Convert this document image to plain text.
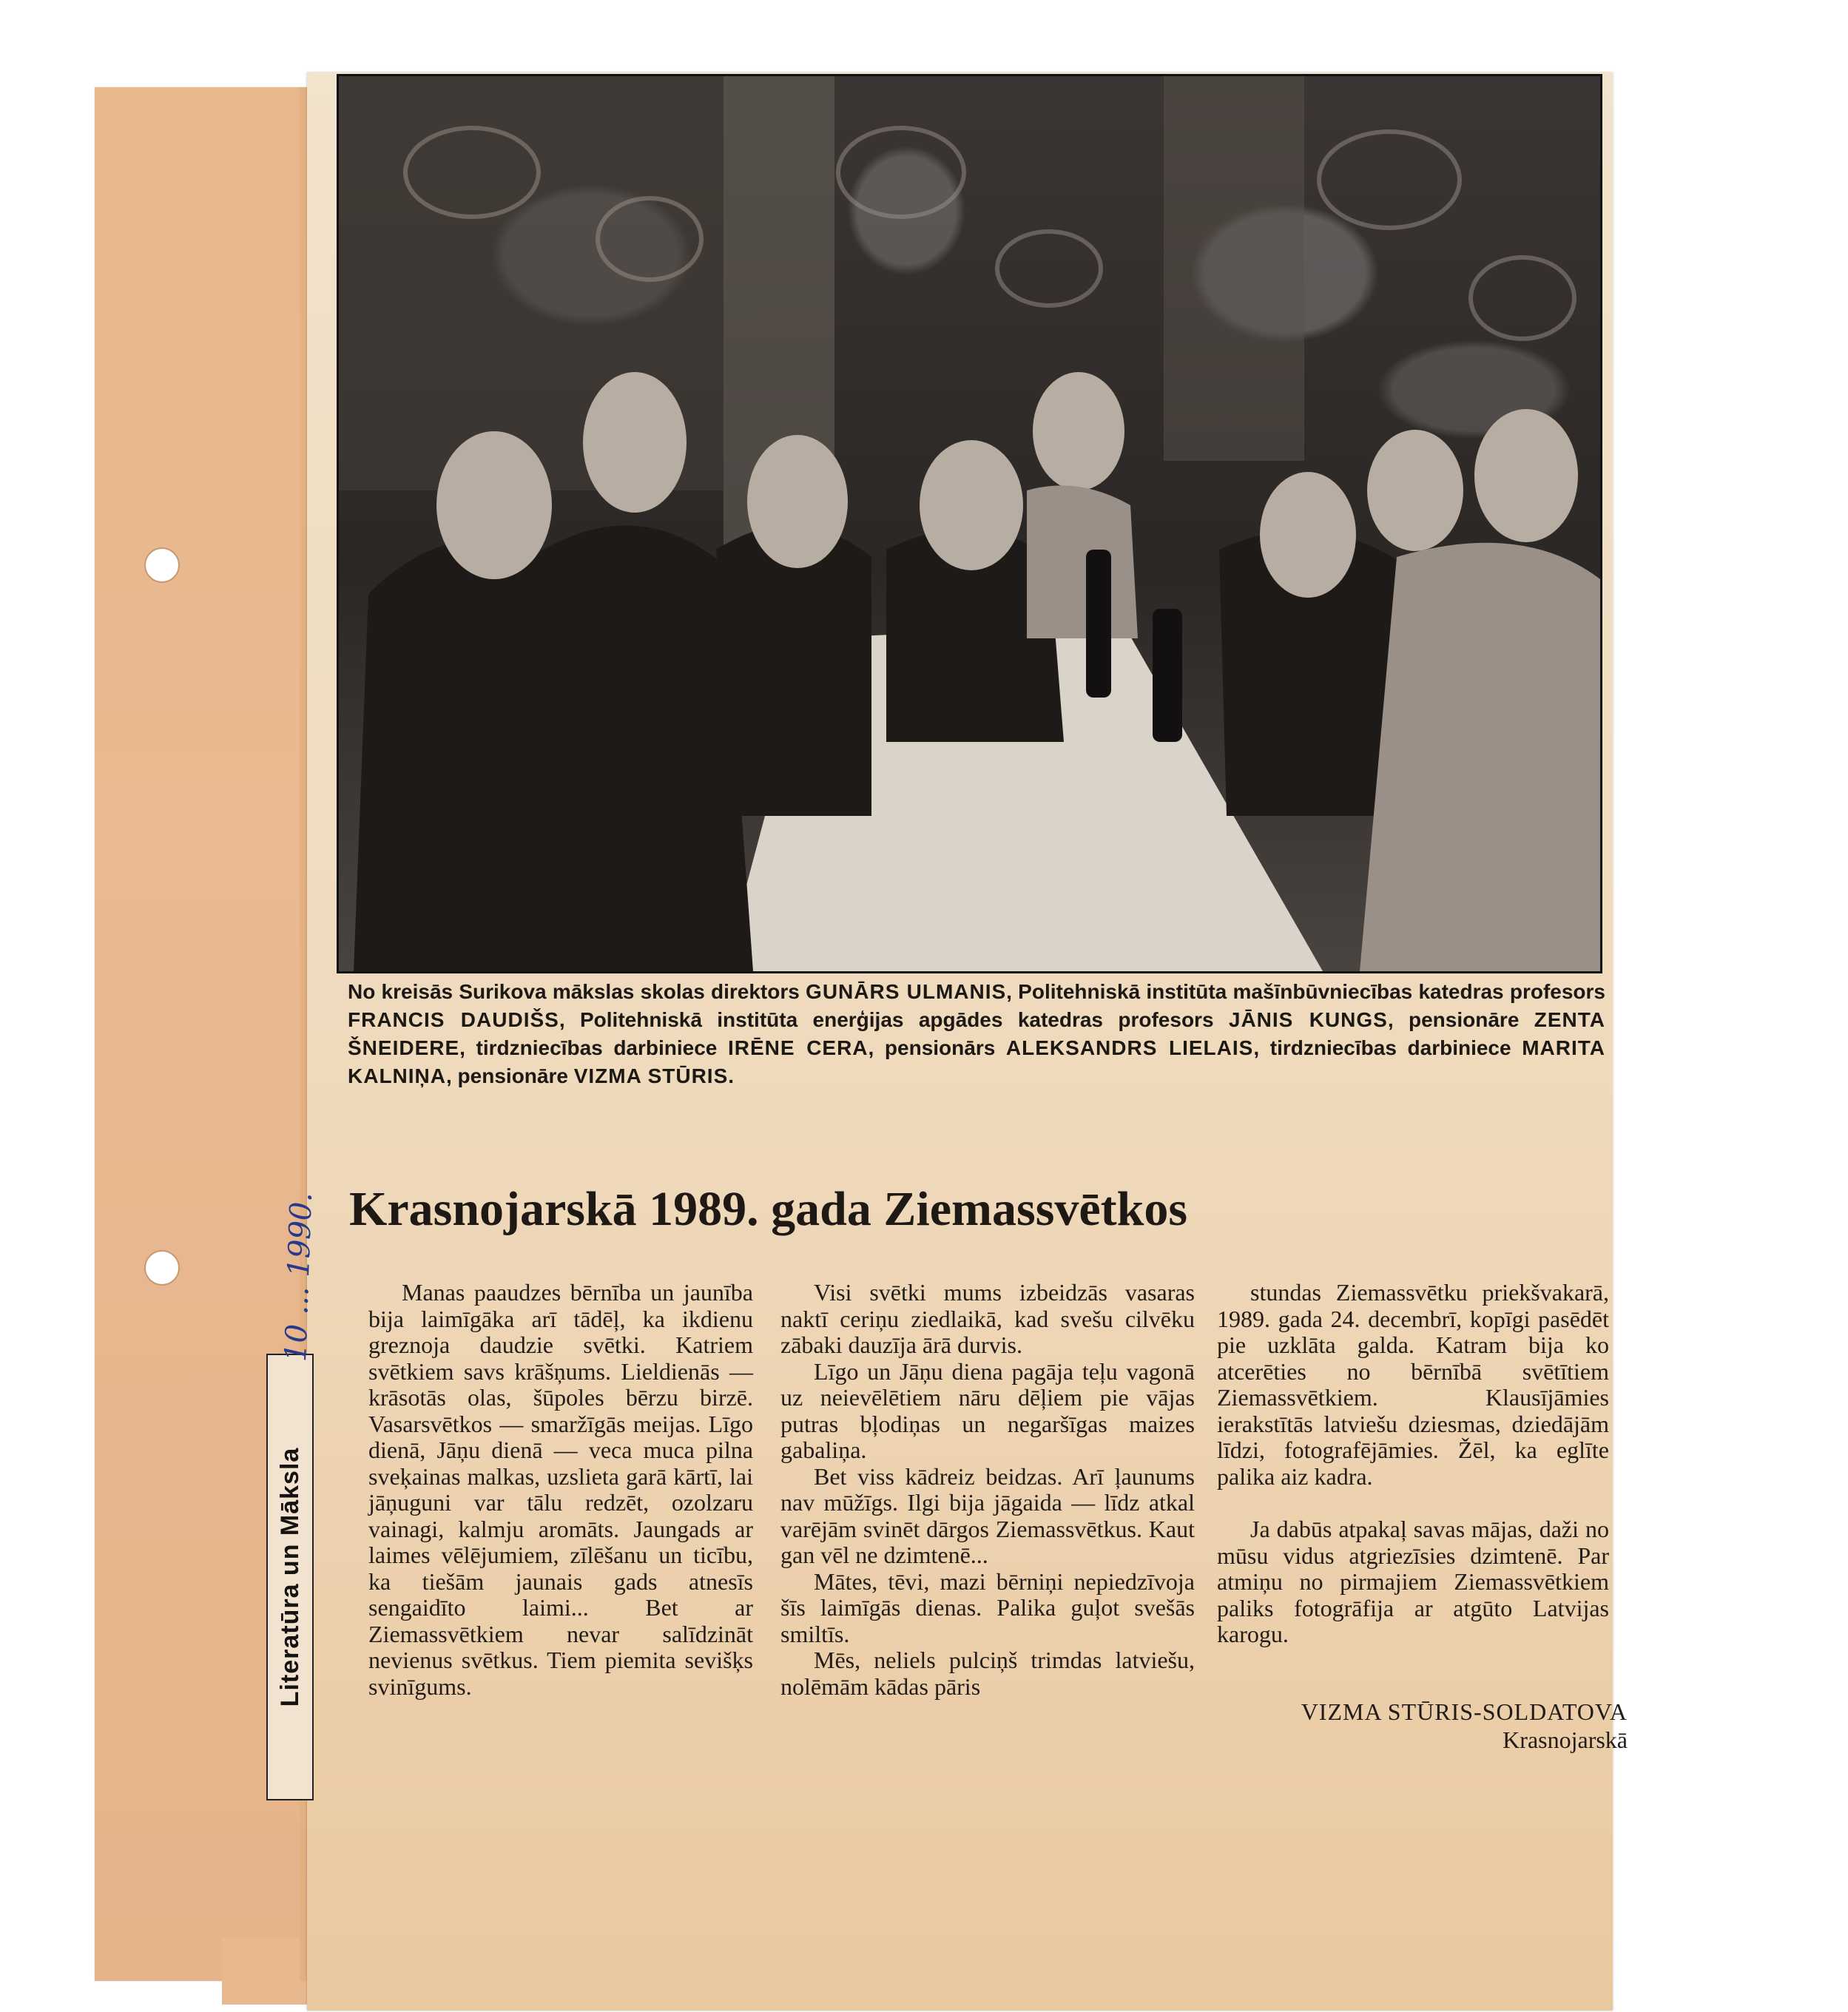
No kreisās Surikova mākslas skolas direktors GUNĀRS ULMANIS, Politehniskā institūta mašīnbūvniecības katedras profesors FRANCIS DAUDIŠS, Politehniskā institūta enerģijas apgādes katedras profesors JĀNIS KUNGS, pensionāre ZENTA ŠNEIDERE, tirdzniecības darbiniece IRĒNE CERA, pensionārs ALEKSANDRS LIELAIS, tirdzniecības darbiniece MARITA KALNIŅA, pensionāre VIZMA STŪRIS.
Krasnojarskā 1989. gada Ziemassvētkos

Manas paaudzes bērnība un jaunība bija laimīgāka arī tādēļ, ka ikdienu greznoja daudzie svētki. Katriem svētkiem savs krāšņums. Lieldienās — krāsotās olas, šūpoles bērzu birzē. Vasarsvētkos — smaržīgās meijas. Līgo dienā, Jāņu dienā — veca muca pilna sveķainas malkas, uzslieta garā kārtī, lai jāņuguni var tālu redzēt, ozolzaru vainagi, kalmju aromāts. Jaungads ar laimes vēlējumiem, zīlēšanu un ticību, ka tiešām jaunais gads atnesīs sengaidīto laimi... Bet ar Ziemassvētkiem nevar salīdzināt nevienus svētkus. Tiem piemita sevišķs svinīgums.

Visi svētki mums izbeidzās vasaras naktī ceriņu ziedlaikā, kad svešu cilvēku zābaki dauzīja ārā durvis.

Līgo un Jāņu diena pagāja teļu vagonā uz neievēlētiem nāru dēļiem pie vājas putras bļodiņas un negaršīgas maizes gabaliņa.

Bet viss kādreiz beidzas. Arī ļaunums nav mūžīgs. Ilgi bija jāgaida — līdz atkal varējām svinēt dārgos Ziemassvētkus. Kaut gan vēl ne dzimtenē...

Mātes, tēvi, mazi bērniņi nepiedzīvoja šīs laimīgās dienas. Palika guļot svešās smiltīs.

Mēs, neliels pulciņš trimdas latviešu, nolēmām kādas pāris

stundas Ziemassvētku priekšvakarā, 1989. gada 24. decembrī, kopīgi pasēdēt pie uzklāta galda. Katram bija ko atcerēties no bērnībā svētītiem Ziemassvētkiem. Klausījāmies ierakstītās latviešu dziesmas, dziedājām līdzi, fotografējāmies. Žēl, ka eglīte palika aiz kadra.

Ja dabūs atpakaļ savas mājas, daži no mūsu vidus atgriezīsies dzimtenē. Par atmiņu no pirmajiem Ziemassvētkiem paliks fotogrāfija ar atgūto Latvijas karogu.

VIZMA STŪRIS-SOLDATOVA
Krasnojarskā
Literatūra un Māksla
10 ... 1990.
